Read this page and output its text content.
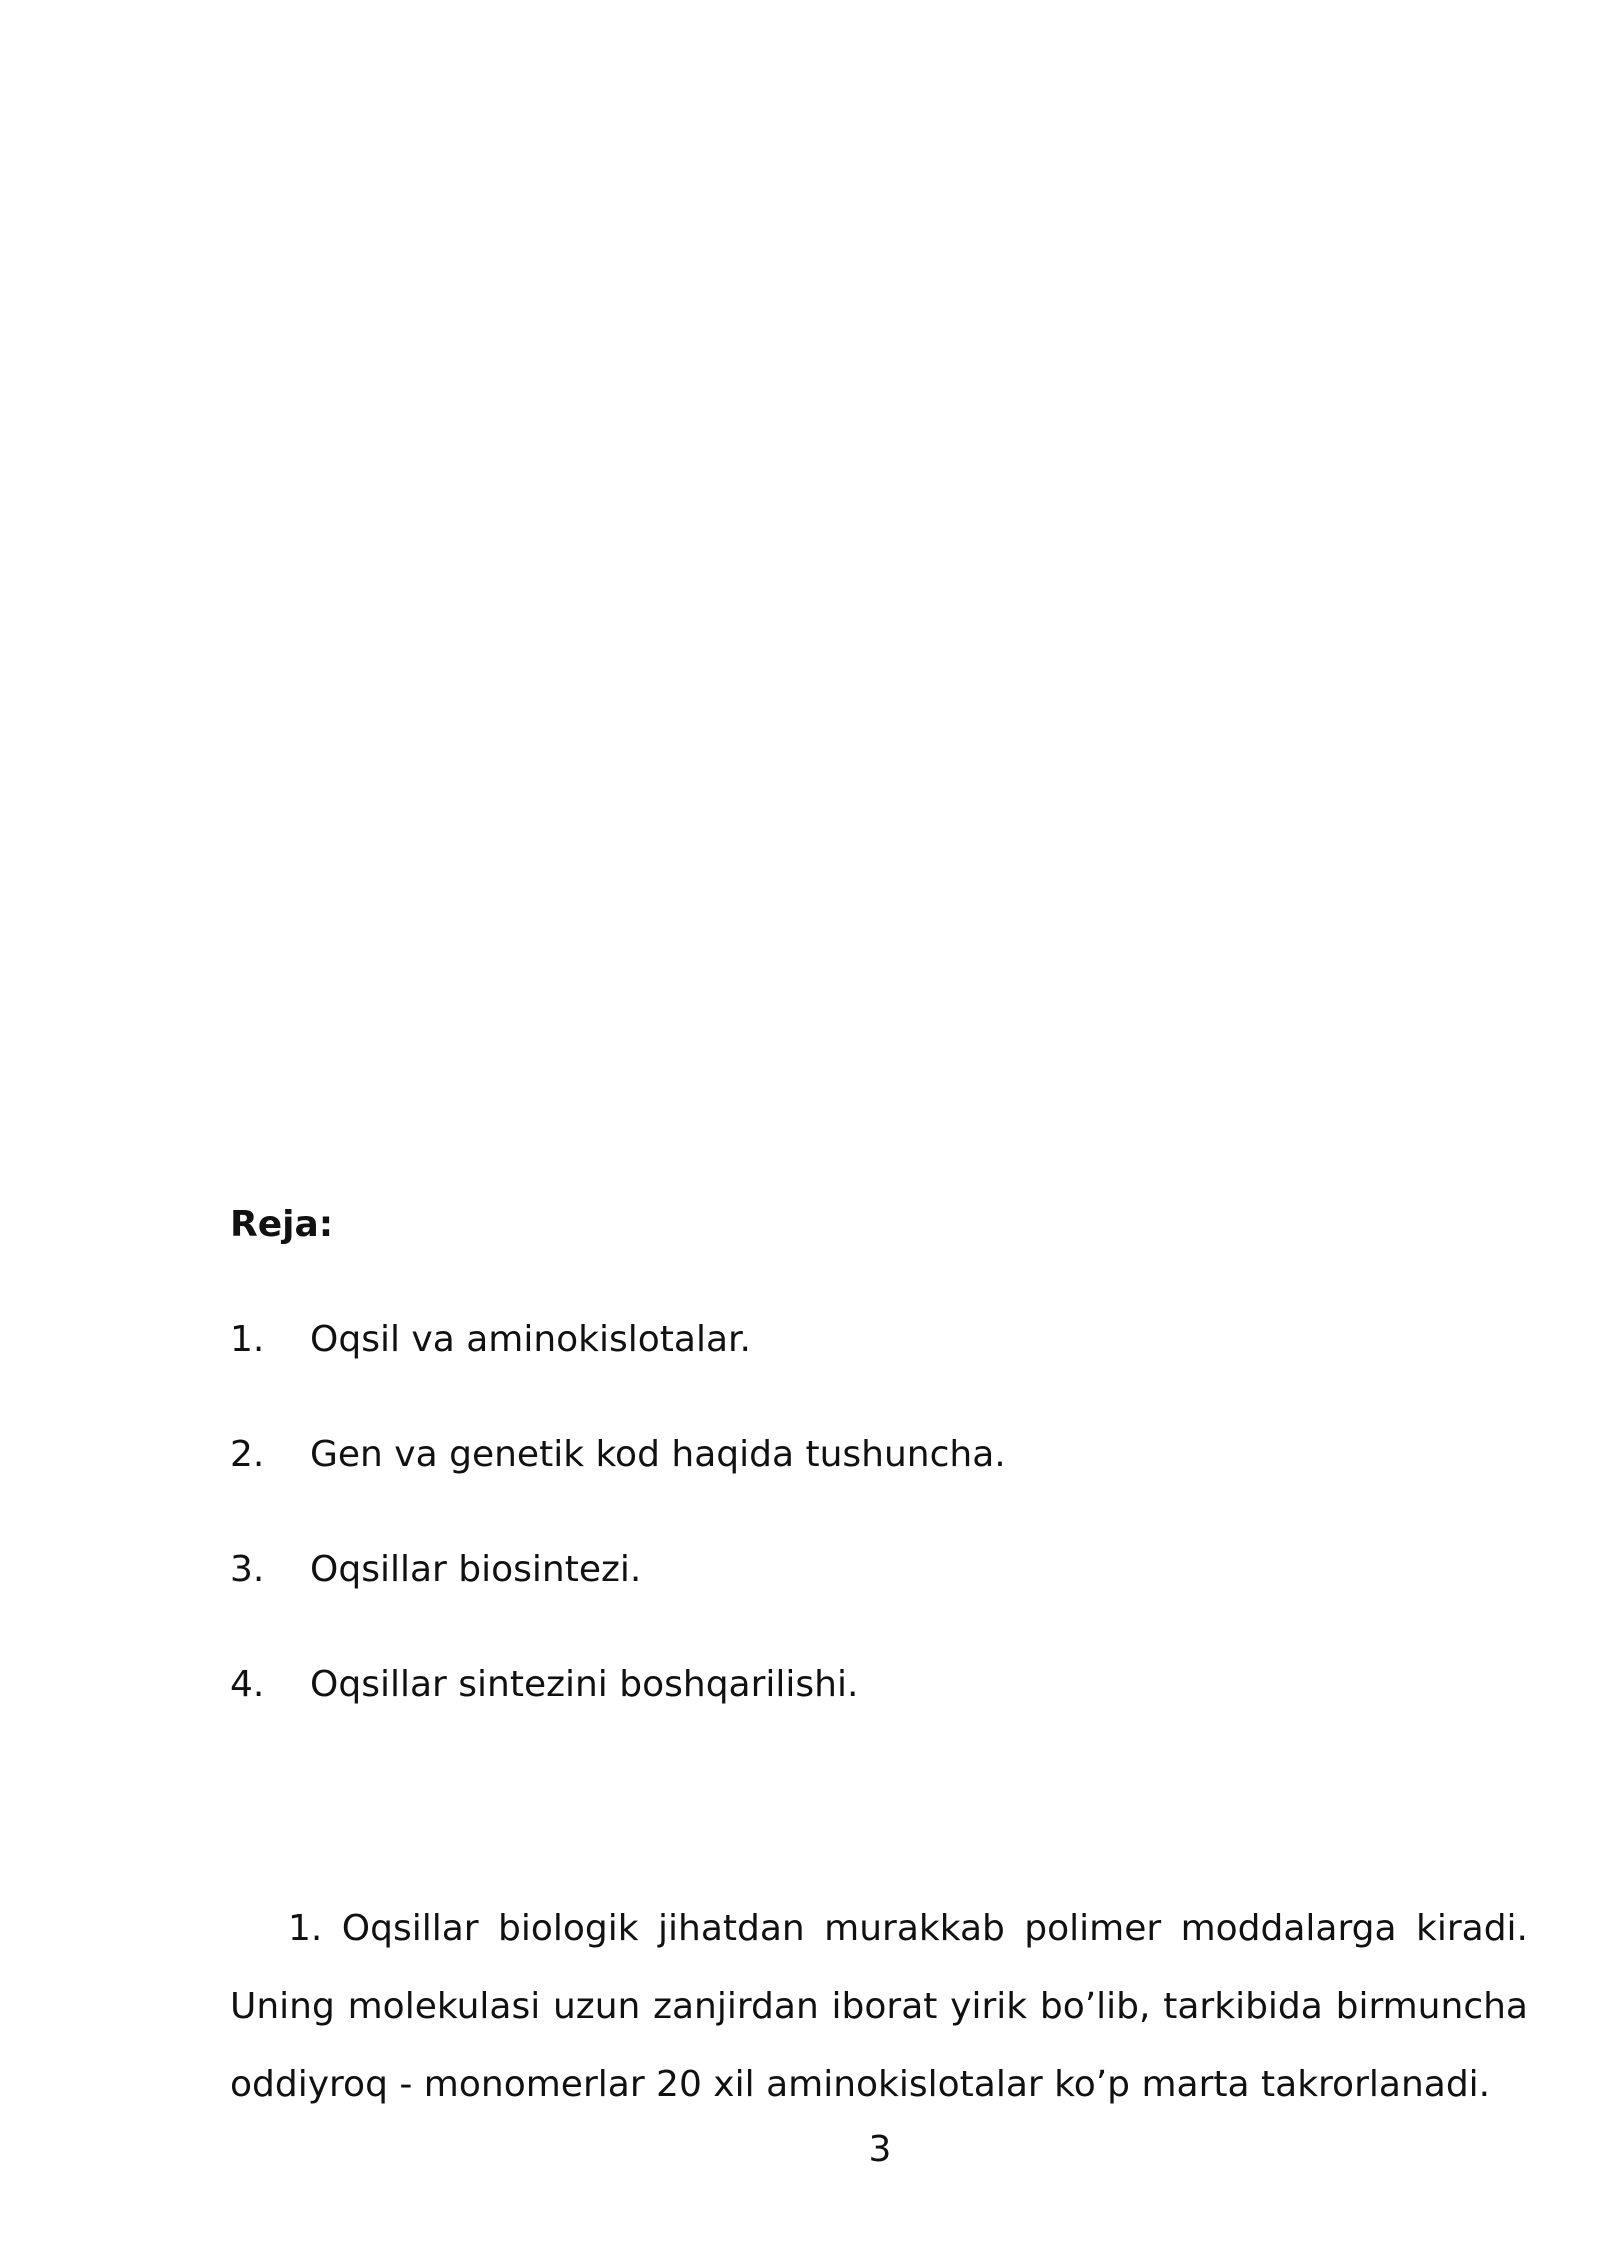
Reja:

1. Oqsil va aminokislotalar.
2. Gen va genetik kod haqida tushuncha.
3. Oqsillar biosintezi.
4. Oqsillar sintezini boshqarilishi.

1. Oqsillar biologik jihatdan murakkab polimer moddalarga kiradi. Uning molekulasi uzun zanjirdan iborat yirik bo’lib, tarkibida birmuncha oddiyroq - monomerlar 20 xil aminokislotalar ko’p marta takrorlanadi.

3
